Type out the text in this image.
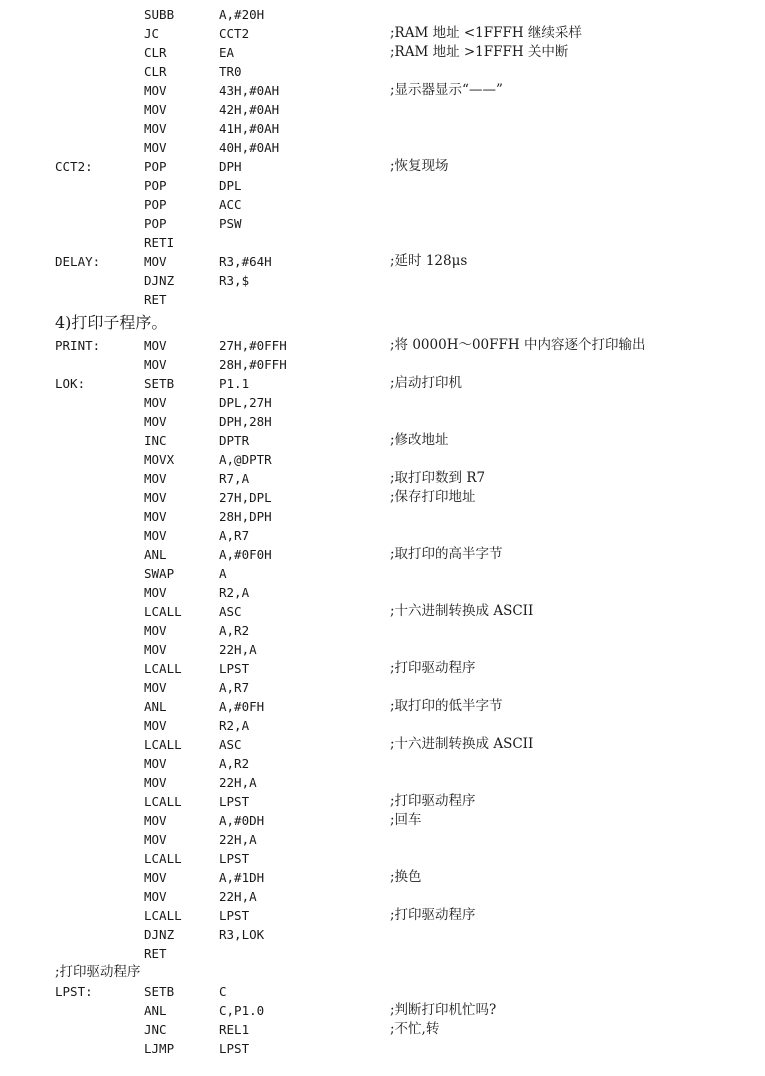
SUBB	A,#20H
JC	CCT2	;RAM 地址 <1FFFH 继续采样
CLR	EA	;RAM 地址 >1FFFH 关中断
CLR	TR0
MOV	43H,#0AH	;显示器显示“——”
MOV	42H,#0AH
MOV	41H,#0AH
MOV	40H,#0AH
CCT2:	POP	DPH	;恢复现场
POP	DPL
POP	ACC
POP	PSW
RETI
DELAY:	MOV	R3,#64H	;延时 128μs
DJNZ	R3,$
RET
4)打印子程序。
PRINT:	MOV	27H,#0FFH	;将 0000H～00FFH 中内容逐个打印输出
MOV	28H,#0FFH
LOK:	SETB	P1.1	;启动打印机
MOV	DPL,27H
MOV	DPH,28H
INC	DPTR	;修改地址
MOVX	A,@DPTR
MOV	R7,A	;取打印数到 R7
MOV	27H,DPL	;保存打印地址
MOV	28H,DPH
MOV	A,R7
ANL	A,#0F0H	;取打印的高半字节
SWAP	A
MOV	R2,A
LCALL	ASC	;十六进制转换成 ASCII
MOV	A,R2
MOV	22H,A
LCALL	LPST	;打印驱动程序
MOV	A,R7
ANL	A,#0FH	;取打印的低半字节
MOV	R2,A
LCALL	ASC	;十六进制转换成 ASCII
MOV	A,R2
MOV	22H,A
LCALL	LPST	;打印驱动程序
MOV	A,#0DH	;回车
MOV	22H,A
LCALL	LPST
MOV	A,#1DH	;换色
MOV	22H,A
LCALL	LPST	;打印驱动程序
DJNZ	R3,LOK
RET
;打印驱动程序
LPST:	SETB	C
ANL	C,P1.0	;判断打印机忙吗?
JNC	REL1	;不忙,转
LJMP	LPST
